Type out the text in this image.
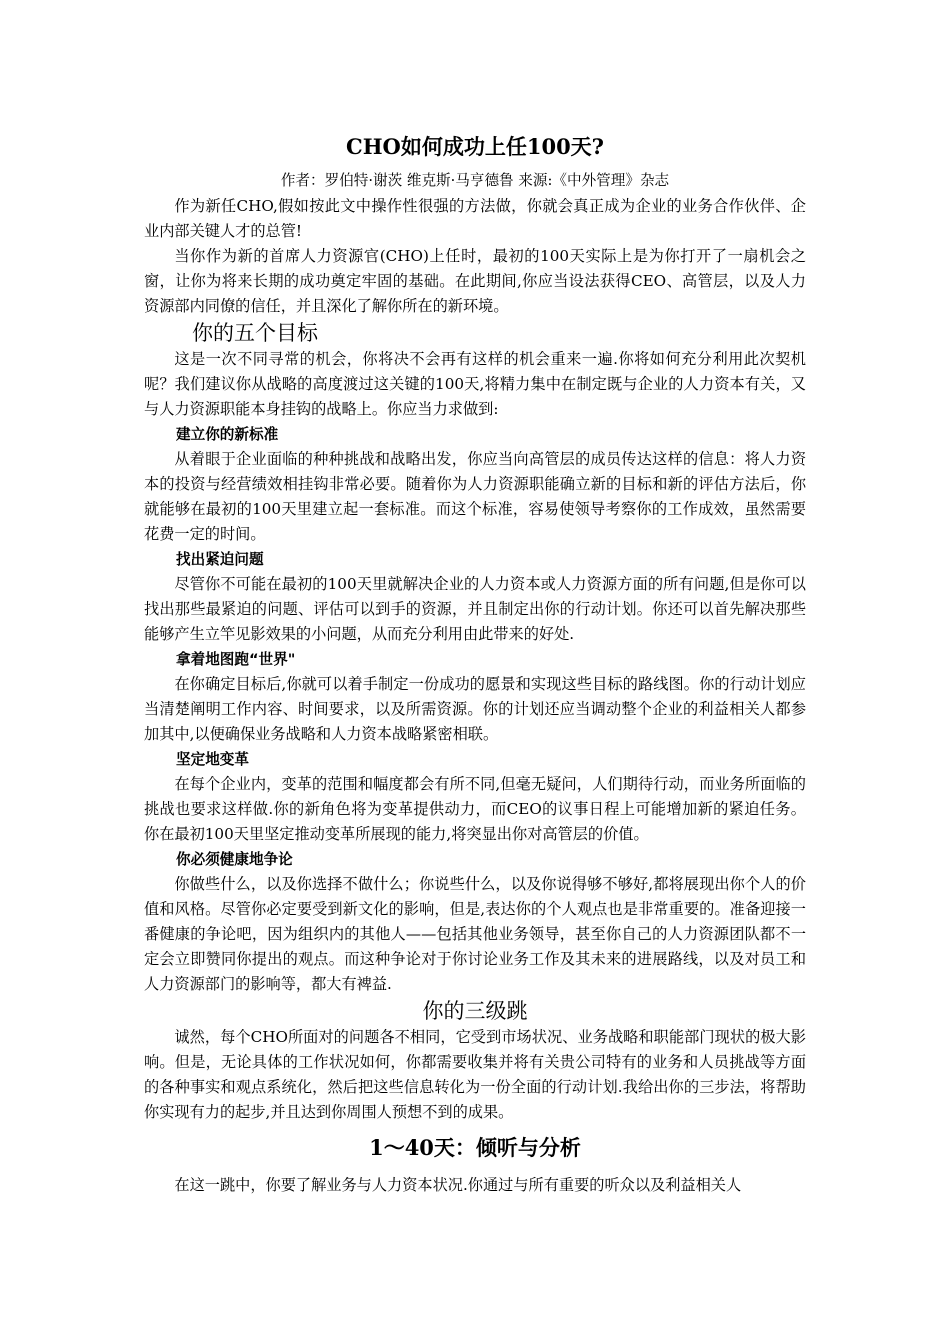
CHO如何成功上任100天?
作者：罗伯特·谢茨 维克斯·马亨德鲁 来源:《中外管理》杂志

作为新任CHO,假如按此文中操作性很强的方法做，你就会真正成为企业的业务合作伙伴、企业内部关键人才的总管!

当你作为新的首席人力资源官(CHO)上任时，最初的100天实际上是为你打开了一扇机会之窗，让你为将来长期的成功奠定牢固的基础。在此期间,你应当设法获得CEO、高管层，以及人力资源部内同僚的信任，并且深化了解你所在的新环境。

你的五个目标

这是一次不同寻常的机会，你将决不会再有这样的机会重来一遍.你将如何充分利用此次契机呢？我们建议你从战略的高度渡过这关键的100天,将精力集中在制定既与企业的人力资本有关，又与人力资源职能本身挂钩的战略上。你应当力求做到:

建立你的新标准

从着眼于企业面临的种种挑战和战略出发，你应当向高管层的成员传达这样的信息：将人力资本的投资与经营绩效相挂钩非常必要。随着你为人力资源职能确立新的目标和新的评估方法后，你就能够在最初的100天里建立起一套标准。而这个标准，容易使领导考察你的工作成效，虽然需要花费一定的时间。

找出紧迫问题

尽管你不可能在最初的100天里就解决企业的人力资本或人力资源方面的所有问题,但是你可以找出那些最紧迫的问题、评估可以到手的资源，并且制定出你的行动计划。你还可以首先解决那些能够产生立竿见影效果的小问题，从而充分利用由此带来的好处.

拿着地图跑“世界"

在你确定目标后,你就可以着手制定一份成功的愿景和实现这些目标的路线图。你的行动计划应当清楚阐明工作内容、时间要求，以及所需资源。你的计划还应当调动整个企业的利益相关人都参加其中,以便确保业务战略和人力资本战略紧密相联。

坚定地变革

在每个企业内，变革的范围和幅度都会有所不同,但毫无疑问，人们期待行动，而业务所面临的挑战也要求这样做.你的新角色将为变革提供动力，而CEO的议事日程上可能增加新的紧迫任务。你在最初100天里坚定推动变革所展现的能力,将突显出你对高管层的价值。

你必须健康地争论

你做些什么，以及你选择不做什么；你说些什么，以及你说得够不够好,都将展现出你个人的价值和风格。尽管你必定要受到新文化的影响，但是,表达你的个人观点也是非常重要的。准备迎接一番健康的争论吧，因为组织内的其他人——包括其他业务领导，甚至你自己的人力资源团队都不一定会立即赞同你提出的观点。而这种争论对于你讨论业务工作及其未来的进展路线，以及对员工和人力资源部门的影响等，都大有裨益.

你的三级跳

诚然，每个CHO所面对的问题各不相同，它受到市场状况、业务战略和职能部门现状的极大影响。但是，无论具体的工作状况如何，你都需要收集并将有关贵公司特有的业务和人员挑战等方面的各种事实和观点系统化，然后把这些信息转化为一份全面的行动计划.我给出你的三步法，将帮助你实现有力的起步,并且达到你周围人预想不到的成果。

1～40天：倾听与分析

在这一跳中，你要了解业务与人力资本状况.你通过与所有重要的听众以及利益相关人
